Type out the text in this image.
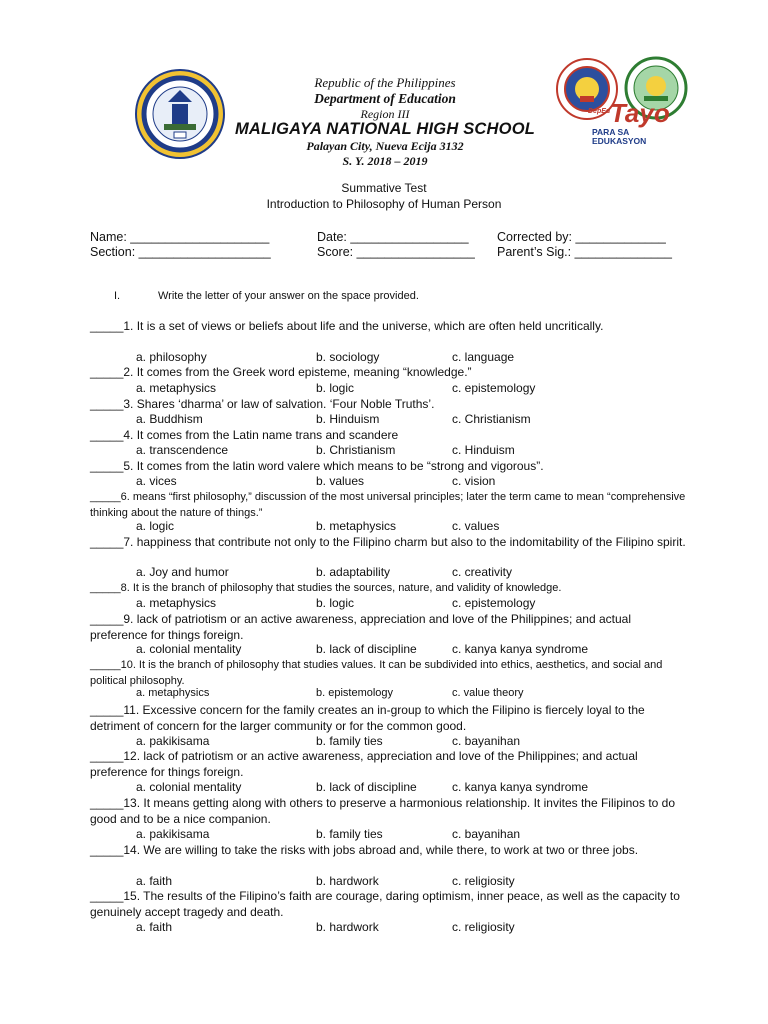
DepEd Tayo
PARA SA EDUKASYON
Republic of the Philippines
Department of Education
Region III
MALIGAYA NATIONAL HIGH SCHOOL
Palayan City, Nueva Ecija 3132
S. Y. 2018 – 2019
Summative Test
Introduction to Philosophy of Human Person
Name: ____________________
Section: ___________________
Date: _________________
Score: _________________
Corrected by: _____________
Parent’s Sig.: ______________
I.	Write the letter of your answer on the space provided.
_____1. It is a set of views or beliefs about life and the universe, which are often held uncritically.
a. philosophy	b. sociology	c. language
_____2. It comes from the Greek word episteme, meaning “knowledge.”
a. metaphysics	b. logic	c. epistemology
_____3. Shares ‘dharma’ or law of salvation. ‘Four Noble Truths’.
a. Buddhism	b. Hinduism	c. Christianism
_____4. It comes from the Latin name trans and scandere
a. transcendence	b. Christianism	c. Hinduism
_____5. It comes from the latin word valere which means to be “strong and vigorous”.
a. vices	b. values	c. vision
_____6. means “first philosophy,” discussion of the most universal principles; later the term came to mean “comprehensive thinking about the nature of things.”
a. logic	b. metaphysics	c. values
_____7. happiness that contribute not only to the Filipino charm but also to the indomitability of the Filipino spirit.
a. Joy and humor	b. adaptability	c. creativity
_____8. It is the branch of philosophy that studies the sources, nature, and validity of knowledge.
a. metaphysics	b. logic	c. epistemology
_____9. lack of patriotism or an active awareness, appreciation and love of the Philippines; and actual preference for things foreign.
a. colonial mentality	b. lack of discipline	c. kanya kanya syndrome
_____10. It is the branch of philosophy that studies values. It can be subdivided into ethics, aesthetics, and social and political philosophy.
a. metaphysics	b. epistemology	c. value theory
_____11. Excessive concern for the family creates an in-group to which the Filipino is fiercely loyal to the detriment of concern for the larger community or for the common good.
a. pakikisama	b. family ties	c. bayanihan
_____12. lack of patriotism or an active awareness, appreciation and love of the Philippines; and actual preference for things foreign.
a. colonial mentality	b. lack of discipline	c. kanya kanya syndrome
_____13. It means getting along with others to preserve a harmonious relationship. It invites the Filipinos to do good and to be a nice companion.
a. pakikisama	b. family ties	c. bayanihan
_____14. We are willing to take the risks with jobs abroad and, while there, to work at two or three jobs.
a. faith	b. hardwork	c. religiosity
_____15. The results of the Filipino’s faith are courage, daring optimism, inner peace, as well as the capacity to genuinely accept tragedy and death.
a. faith	b. hardwork	c. religiosity
